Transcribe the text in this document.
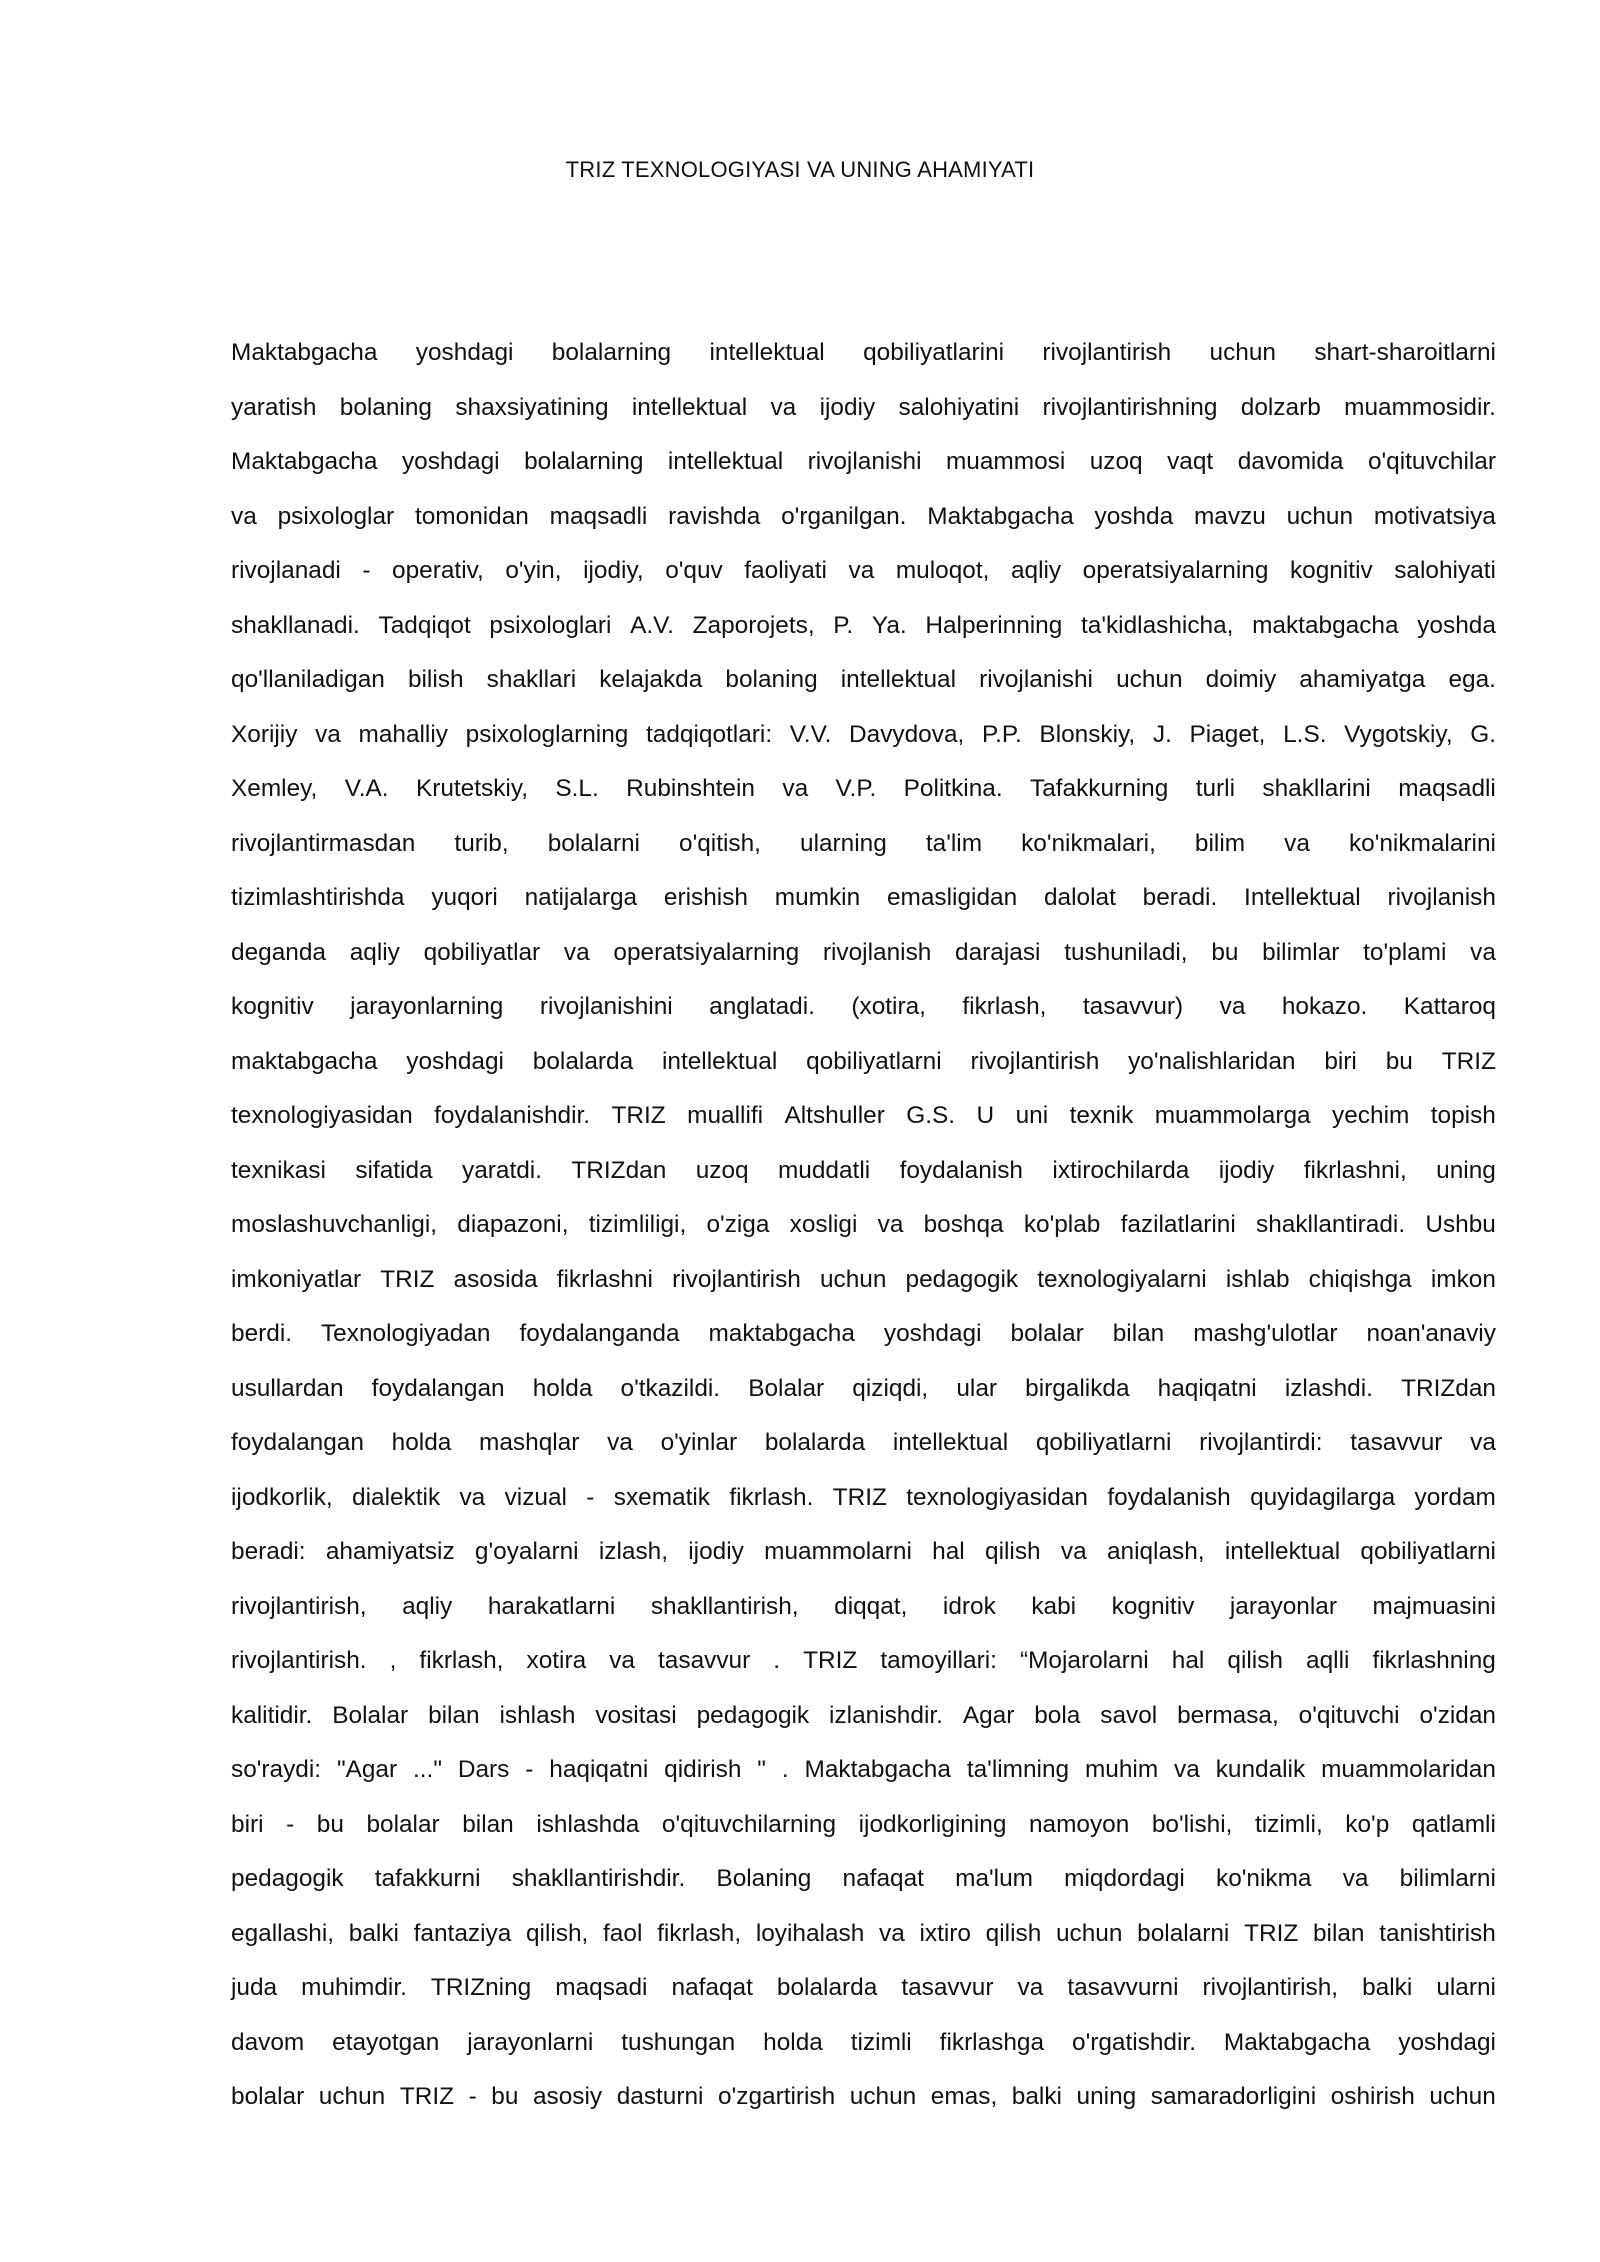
TRIZ TEXNOLOGIYASI VA UNING AHAMIYATI
Maktabgacha yoshdagi bolalarning intellektual qobiliyatlarini rivojlantirish uchun shart-sharoitlarni
yaratish bolaning shaxsiyatining intellektual va ijodiy salohiyatini rivojlantirishning dolzarb muammosidir.
Maktabgacha yoshdagi bolalarning intellektual rivojlanishi muammosi uzoq vaqt davomida o'qituvchilar
va psixologlar tomonidan maqsadli ravishda o'rganilgan. Maktabgacha yoshda mavzu uchun motivatsiya
rivojlanadi - operativ, o'yin, ijodiy, o'quv faoliyati va muloqot, aqliy operatsiyalarning kognitiv salohiyati
shakllanadi. Tadqiqot psixologlari A.V. Zaporojets, P. Ya. Halperinning ta'kidlashicha, maktabgacha yoshda
qo'llaniladigan bilish shakllari kelajakda bolaning intellektual rivojlanishi uchun doimiy ahamiyatga ega.
Xorijiy va mahalliy psixologlarning tadqiqotlari: V.V. Davydova, P.P. Blonskiy, J. Piaget, L.S. Vygotskiy, G.
Xemley, V.A. Krutetskiy, S.L. Rubinshtein va V.P. Politkina. Tafakkurning turli shakllarini maqsadli
rivojlantirmasdan turib, bolalarni o'qitish, ularning ta'lim ko'nikmalari, bilim va ko'nikmalarini
tizimlashtirishda yuqori natijalarga erishish mumkin emasligidan dalolat beradi. Intellektual rivojlanish
deganda aqliy qobiliyatlar va operatsiyalarning rivojlanish darajasi tushuniladi, bu bilimlar to'plami va
kognitiv jarayonlarning rivojlanishini anglatadi. (xotira, fikrlash, tasavvur) va hokazo. Kattaroq
maktabgacha yoshdagi bolalarda intellektual qobiliyatlarni rivojlantirish yo'nalishlaridan biri bu TRIZ
texnologiyasidan foydalanishdir. TRIZ muallifi Altshuller G.S. U uni texnik muammolarga yechim topish
texnikasi sifatida yaratdi. TRIZdan uzoq muddatli foydalanish ixtirochilarda ijodiy fikrlashni, uning
moslashuvchanligi, diapazoni, tizimliligi, o'ziga xosligi va boshqa ko'plab fazilatlarini shakllantiradi. Ushbu
imkoniyatlar TRIZ asosida fikrlashni rivojlantirish uchun pedagogik texnologiyalarni ishlab chiqishga imkon
berdi. Texnologiyadan foydalanganda maktabgacha yoshdagi bolalar bilan mashg'ulotlar noan'anaviy
usullardan foydalangan holda o'tkazildi. Bolalar qiziqdi, ular birgalikda haqiqatni izlashdi. TRIZdan
foydalangan holda mashqlar va o'yinlar bolalarda intellektual qobiliyatlarni rivojlantirdi: tasavvur va
ijodkorlik, dialektik va vizual - sxematik fikrlash. TRIZ texnologiyasidan foydalanish quyidagilarga yordam
beradi: ahamiyatsiz g'oyalarni izlash, ijodiy muammolarni hal qilish va aniqlash, intellektual qobiliyatlarni
rivojlantirish, aqliy harakatlarni shakllantirish, diqqat, idrok kabi kognitiv jarayonlar majmuasini
rivojlantirish. , fikrlash, xotira va tasavvur . TRIZ tamoyillari: “Mojarolarni hal qilish aqlli fikrlashning
kalitidir. Bolalar bilan ishlash vositasi pedagogik izlanishdir. Agar bola savol bermasa, o'qituvchi o'zidan
so'raydi: "Agar ..." Dars - haqiqatni qidirish " . Maktabgacha ta'limning muhim va kundalik muammolaridan
biri - bu bolalar bilan ishlashda o'qituvchilarning ijodkorligining namoyon bo'lishi, tizimli, ko'p qatlamli
pedagogik tafakkurni shakllantirishdir. Bolaning nafaqat ma'lum miqdordagi ko'nikma va bilimlarni
egallashi, balki fantaziya qilish, faol fikrlash, loyihalash va ixtiro qilish uchun bolalarni TRIZ bilan tanishtirish
juda muhimdir. TRIZning maqsadi nafaqat bolalarda tasavvur va tasavvurni rivojlantirish, balki ularni
davom etayotgan jarayonlarni tushungan holda tizimli fikrlashga o'rgatishdir. Maktabgacha yoshdagi
bolalar uchun TRIZ - bu asosiy dasturni o'zgartirish uchun emas, balki uning samaradorligini oshirish uchun
